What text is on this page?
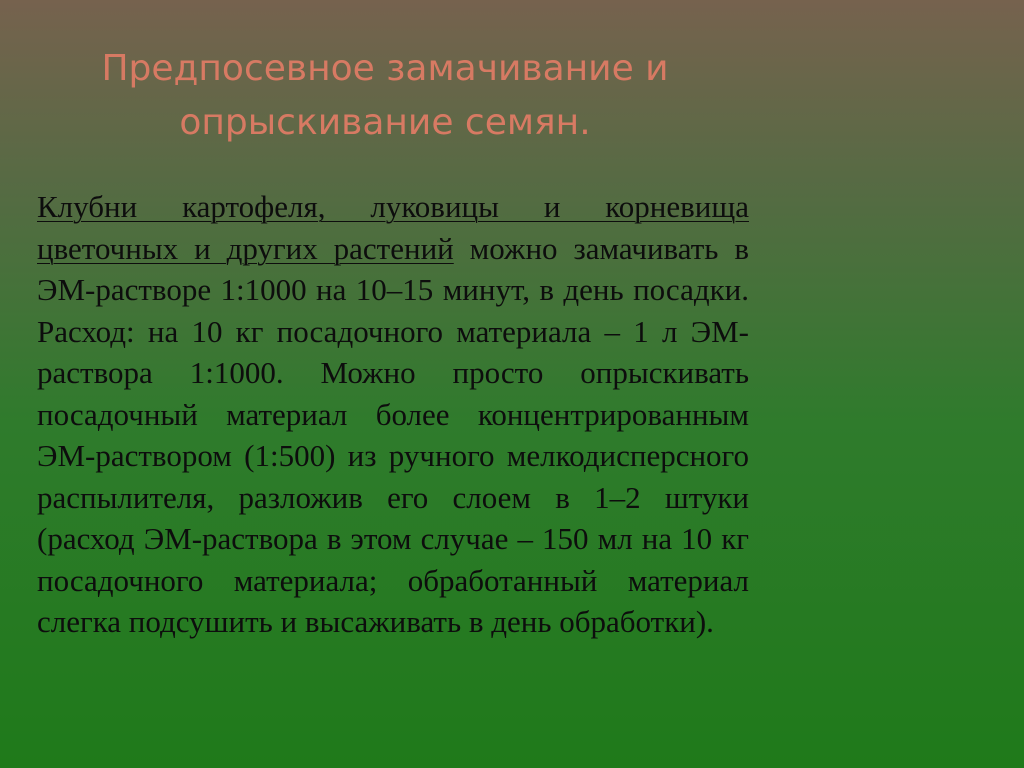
Предпосевное замачивание и
опрыскивание семян.

Клубни картофеля, луковицы и корневища цветочных и других растений можно замачивать в ЭМ-растворе 1:1000 на 10–15 минут, в день посадки. Расход: на 10 кг посадочного материала – 1 л ЭМ-раствора 1:1000. Можно просто опрыскивать посадочный материал более концентрированным ЭМ-раствором (1:500) из ручного мелкодисперсного распылителя, разложив его слоем в 1–2 штуки (расход ЭМ-раствора в этом случае – 150 мл на 10 кг посадочного материала; обработанный материал слегка подсушить и высаживать в день обработки).
